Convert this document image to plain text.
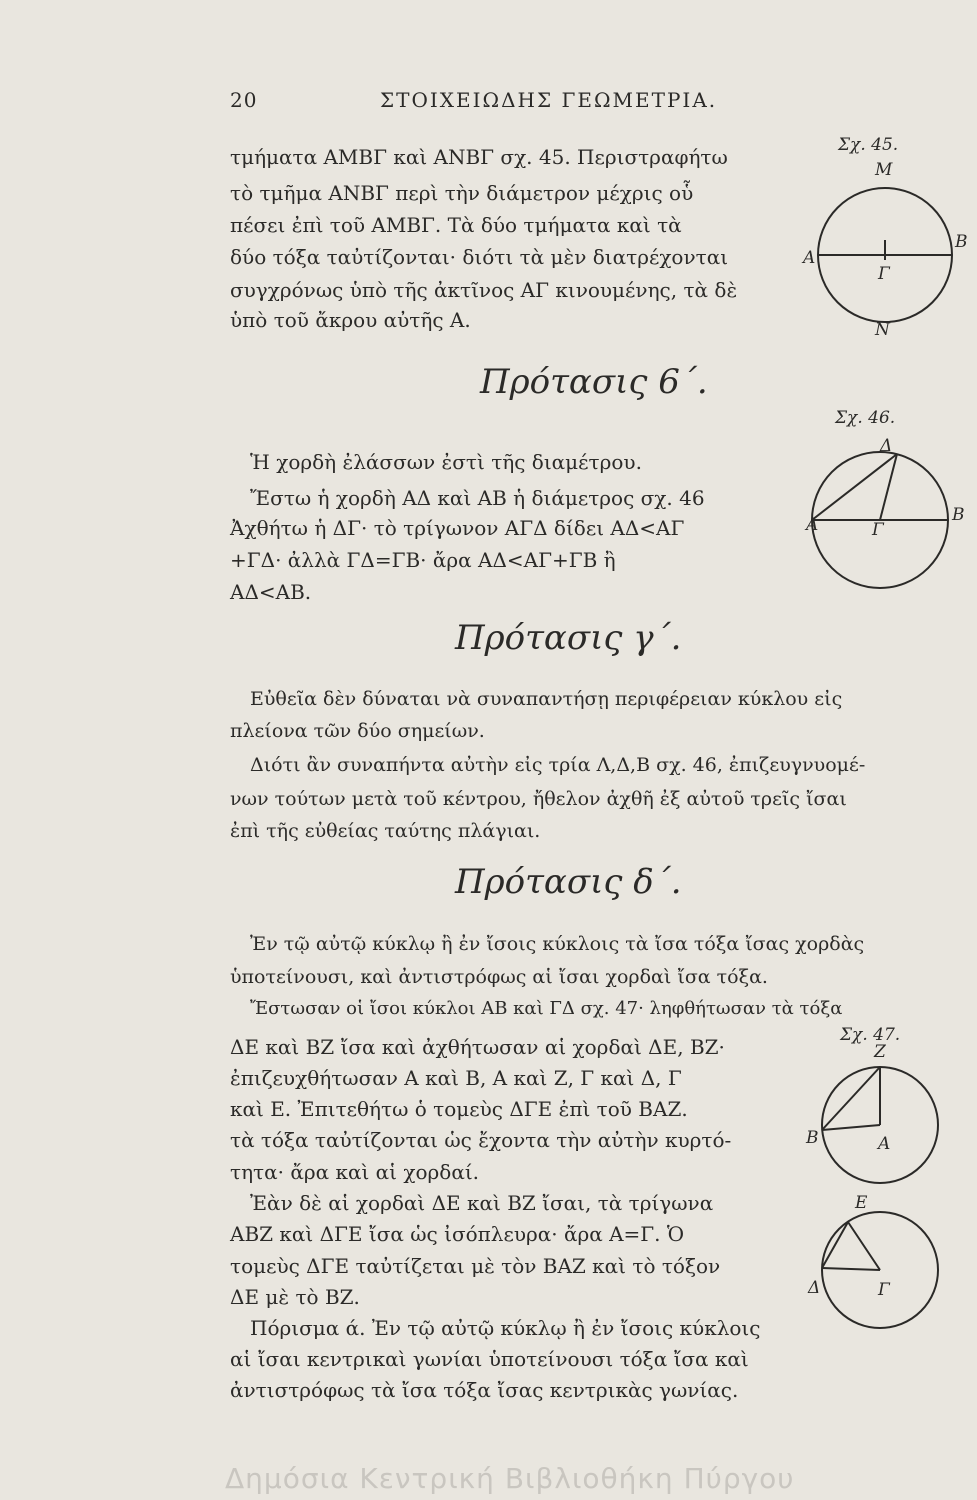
20	ΣΤΟΙΧΕΙΩΔΗΣ ΓΕΩΜΕΤΡΙΑ.
τμήματα ΑΜΒΓ καὶ ΑΝΒΓ σχ. 45. Περιστραφήτω
τὸ τμῆμα ΑΝΒΓ περὶ τὴν διάμετρον μέχρις οὗ
πέσει ἐπὶ τοῦ ΑΜΒΓ. Τὰ δύο τμήματα καὶ τὰ
δύο τόξα ταὐτίζονται· διότι τὰ μὲν διατρέχονται
συγχρόνως ὑπὸ τῆς ἀκτῖνος ΑΓ κινουμένης, τὰ δὲ
ὑπὸ τοῦ ἄκρου αὐτῆς Α.
Πρότασις 6΄.
Ἡ χορδὴ ἐλάσσων ἐστὶ τῆς διαμέτρου.
Ἔστω ἡ χορδὴ ΑΔ καὶ ΑΒ ἡ διάμετρος σχ. 46
Ἀχθήτω ἡ ΔΓ· τὸ τρίγωνον ΑΓΔ δίδει ΑΔ<ΑΓ
+ΓΔ· ἀλλὰ ΓΔ=ΓΒ· ἄρα ΑΔ<ΑΓ+ΓΒ ἢ
ΑΔ<ΑΒ.
Πρότασις γ΄.
Εὐθεῖα δὲν δύναται νὰ συναπαντήσῃ περιφέρειαν κύκλου εἰς
πλείονα τῶν δύο σημείων.
Διότι ἂν συναπήντα αὐτὴν εἰς τρία Λ,Δ,Β σχ. 46, ἐπιζευγνυομέ-
νων τούτων μετὰ τοῦ κέντρου, ἤθελον ἀχθῆ ἐξ αὐτοῦ τρεῖς ἴσαι
ἐπὶ τῆς εὐθείας ταύτης πλάγιαι.
Πρότασις δ΄.
Ἐν τῷ αὐτῷ κύκλῳ ἢ ἐν ἴσοις κύκλοις τὰ ἴσα τόξα ἴσας χορδὰς
ὑποτείνουσι, καὶ ἀντιστρόφως αἱ ἴσαι χορδαὶ ἴσα τόξα.
Ἔστωσαν οἱ ἴσοι κύκλοι ΑΒ καὶ ΓΔ σχ. 47· ληφθήτωσαν τὰ τόξα
ΔΕ καὶ ΒΖ ἴσα καὶ ἀχθήτωσαν αἱ χορδαὶ ΔΕ, ΒΖ·
ἐπιζευχθήτωσαν Α καὶ Β, Α καὶ Ζ, Γ καὶ Δ, Γ
καὶ Ε. Ἐπιτεθήτω ὁ τομεὺς ΔΓΕ ἐπὶ τοῦ ΒΑΖ.
τὰ τόξα ταὐτίζονται ὡς ἔχοντα τὴν αὐτὴν κυρτό-
τητα· ἄρα καὶ αἱ χορδαί.
Ἐὰν δὲ αἱ χορδαὶ ΔΕ καὶ ΒΖ ἴσαι, τὰ τρίγωνα
ΑΒΖ καὶ ΔΓΕ ἴσα ὡς ἰσόπλευρα· ἄρα Α=Γ. Ὁ
τομεὺς ΔΓΕ ταὐτίζεται μὲ τὸν ΒΑΖ καὶ τὸ τόξον
ΔΕ μὲ τὸ ΒΖ.
Πόρισμα ά. Ἐν τῷ αὐτῷ κύκλῳ ἢ ἐν ἴσοις κύκλοις
αἱ ἴσαι κεντρικαὶ γωνίαι ὑποτείνουσι τόξα ἴσα καὶ
ἀντιστρόφως τὰ ἴσα τόξα ἴσας κεντρικὰς γωνίας.
Σχ. 45.
Μ
Α
Γ
Β
Ν
Σχ. 46.
Δ
Α	Γ
Β
Σχ. 47.
Ζ
Β	Α
Ε
Δ	Γ
Δημόσια Κεντρική Βιβλιοθήκη Πύργου
